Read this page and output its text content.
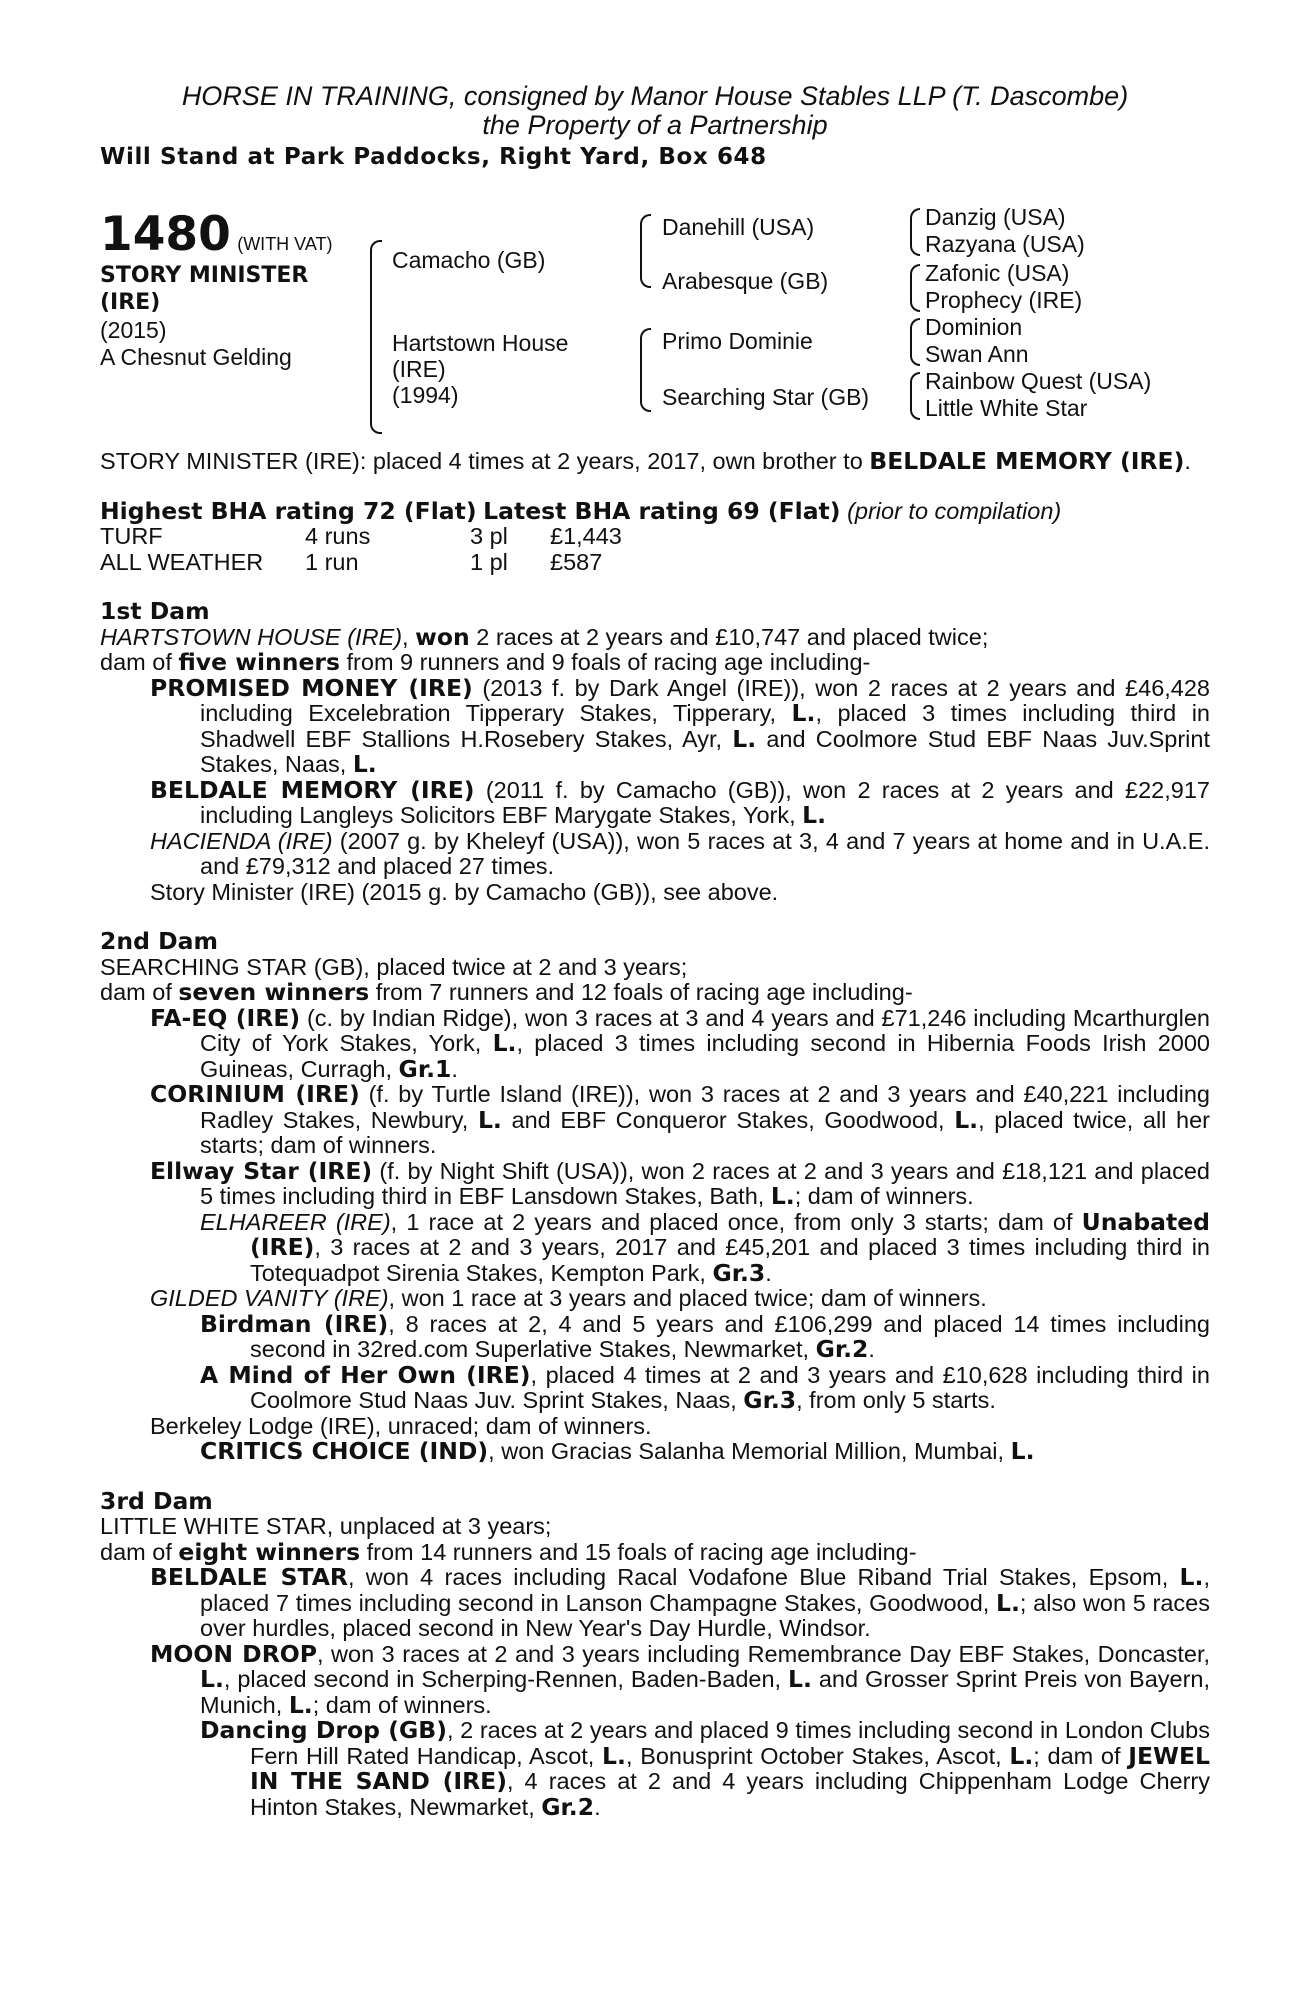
HORSE IN TRAINING, consigned by Manor House Stables LLP (T. Dascombe)
the Property of a Partnership
Will Stand at Park Paddocks, Right Yard, Box 648
1480 (WITH VAT)
STORY MINISTER
(IRE)
(2015)
A Chesnut Gelding
Camacho (GB)
Hartstown House
(IRE)
(1994)
Danehill (USA)
Arabesque (GB)
Primo Dominie
Searching Star (GB)
Danzig (USA)
Razyana (USA)
Zafonic (USA)
Prophecy (IRE)
Dominion
Swan Ann
Rainbow Quest (USA)
Little White Star

STORY MINISTER (IRE): placed 4 times at 2 years, 2017, own brother to BELDALE MEMORY (IRE).

Highest BHA rating 72 (Flat) Latest BHA rating 69 (Flat) (prior to compilation)

TURF	4 runs	3 pl	£1,443
ALL WEATHER	1 run	1 pl	£587

1st Dam

HARTSTOWN HOUSE (IRE), won 2 races at 2 years and £10,747 and placed twice;

dam of five winners from 9 runners and 9 foals of racing age including-

PROMISED MONEY (IRE) (2013 f. by Dark Angel (IRE)), won 2 races at 2 years and £46,428 including Excelebration Tipperary Stakes, Tipperary, L., placed 3 times including third in Shadwell EBF Stallions H.Rosebery Stakes, Ayr, L. and Coolmore Stud EBF Naas Juv.Sprint Stakes, Naas, L.

BELDALE MEMORY (IRE) (2011 f. by Camacho (GB)), won 2 races at 2 years and £22,917 including Langleys Solicitors EBF Marygate Stakes, York, L.

HACIENDA (IRE) (2007 g. by Kheleyf (USA)), won 5 races at 3, 4 and 7 years at home and in U.A.E. and £79,312 and placed 27 times.

Story Minister (IRE) (2015 g. by Camacho (GB)), see above.

2nd Dam

SEARCHING STAR (GB), placed twice at 2 and 3 years;

dam of seven winners from 7 runners and 12 foals of racing age including-

FA-EQ (IRE) (c. by Indian Ridge), won 3 races at 3 and 4 years and £71,246 including Mcarthurglen City of York Stakes, York, L., placed 3 times including second in Hibernia Foods Irish 2000 Guineas, Curragh, Gr.1.

CORINIUM (IRE) (f. by Turtle Island (IRE)), won 3 races at 2 and 3 years and £40,221 including Radley Stakes, Newbury, L. and EBF Conqueror Stakes, Goodwood, L., placed twice, all her starts; dam of winners.

Ellway Star (IRE) (f. by Night Shift (USA)), won 2 races at 2 and 3 years and £18,121 and placed 5 times including third in EBF Lansdown Stakes, Bath, L.; dam of winners.

ELHAREER (IRE), 1 race at 2 years and placed once, from only 3 starts; dam of Unabated (IRE), 3 races at 2 and 3 years, 2017 and £45,201 and placed 3 times including third in Totequadpot Sirenia Stakes, Kempton Park, Gr.3.

GILDED VANITY (IRE), won 1 race at 3 years and placed twice; dam of winners.

Birdman (IRE), 8 races at 2, 4 and 5 years and £106,299 and placed 14 times including second in 32red.com Superlative Stakes, Newmarket, Gr.2.

A Mind of Her Own (IRE), placed 4 times at 2 and 3 years and £10,628 including third in Coolmore Stud Naas Juv. Sprint Stakes, Naas, Gr.3, from only 5 starts.

Berkeley Lodge (IRE), unraced; dam of winners.

CRITICS CHOICE (IND), won Gracias Salanha Memorial Million, Mumbai, L.

3rd Dam

LITTLE WHITE STAR, unplaced at 3 years;

dam of eight winners from 14 runners and 15 foals of racing age including-

BELDALE STAR, won 4 races including Racal Vodafone Blue Riband Trial Stakes, Epsom, L., placed 7 times including second in Lanson Champagne Stakes, Goodwood, L.; also won 5 races over hurdles, placed second in New Year's Day Hurdle, Windsor.

MOON DROP, won 3 races at 2 and 3 years including Remembrance Day EBF Stakes, Doncaster, L., placed second in Scherping-Rennen, Baden-Baden, L. and Grosser Sprint Preis von Bayern, Munich, L.; dam of winners.

Dancing Drop (GB), 2 races at 2 years and placed 9 times including second in London Clubs Fern Hill Rated Handicap, Ascot, L., Bonusprint October Stakes, Ascot, L.; dam of JEWEL IN THE SAND (IRE), 4 races at 2 and 4 years including Chippenham Lodge Cherry Hinton Stakes, Newmarket, Gr.2.
